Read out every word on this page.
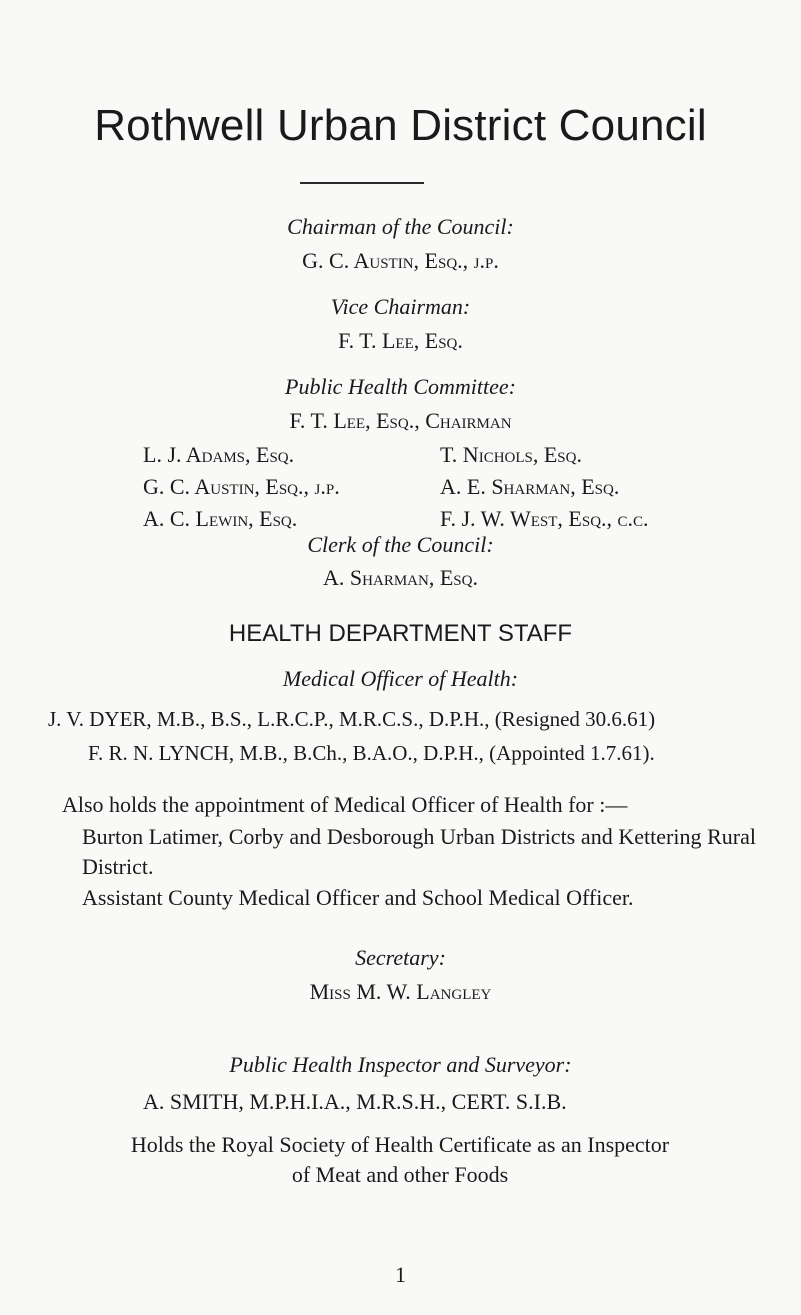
Rothwell Urban District Council
Chairman of the Council:
G. C. Austin, Esq., j.p.
Vice Chairman:
F. T. Lee, Esq.
Public Health Committee:
F. T. Lee, Esq., Chairman
L. J. Adams, Esq.
G. C. Austin, Esq., j.p.
A. C. Lewin, Esq.
T. Nichols, Esq.
A. E. Sharman, Esq.
F. J. W. West, Esq., c.c.
Clerk of the Council:
A. Sharman, Esq.
HEALTH DEPARTMENT STAFF
Medical Officer of Health:
J. V. DYER, M.B., B.S., L.R.C.P., M.R.C.S., D.P.H., (Resigned 30.6.61)
F. R. N. LYNCH, M.B., B.Ch., B.A.O., D.P.H., (Appointed 1.7.61).
Also holds the appointment of Medical Officer of Health for :—
Burton Latimer, Corby and Desborough Urban Districts and Kettering Rural District.
Assistant County Medical Officer and School Medical Officer.
Secretary:
Miss M. W. Langley
Public Health Inspector and Surveyor:
A. SMITH, M.P.H.I.A., M.R.S.H., CERT. S.I.B.
Holds the Royal Society of Health Certificate as an Inspector of Meat and other Foods
1
